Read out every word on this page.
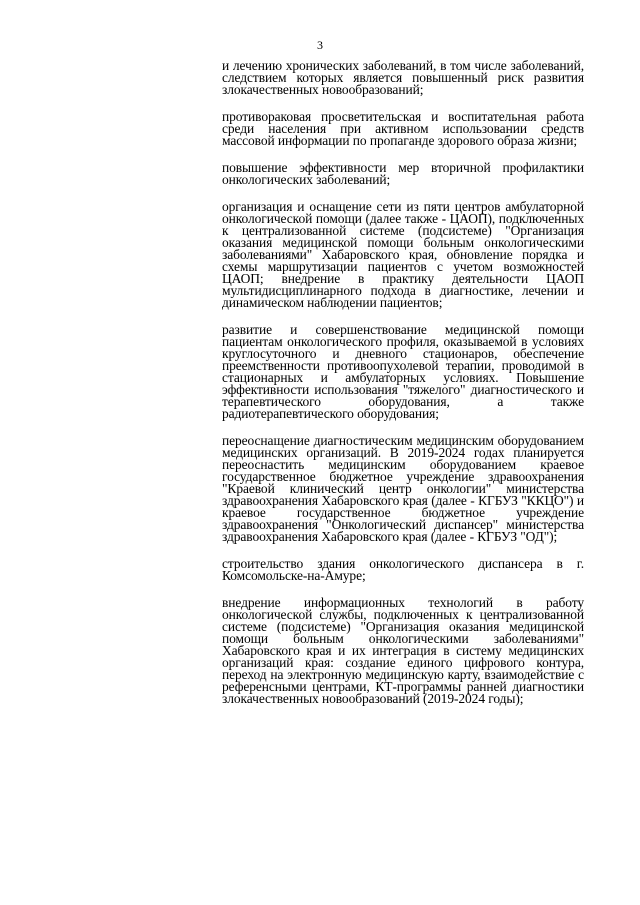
3

и лечению хронических заболеваний, в том числе заболеваний, следствием которых является повышенный риск развития злокачественных новообразований;

противораковая просветительская и воспитательная работа среди населения при активном использовании средств массовой информации по пропаганде здорового образа жизни;

повышение эффективности мер вторичной профилактики онкологических заболеваний;

организация и оснащение сети из пяти центров амбулаторной онкологической помощи (далее также - ЦАОП), подключенных к централизованной системе (подсистеме) "Организация оказания медицинской помощи больным онкологическими заболеваниями" Хабаровского края, обновление порядка и схемы маршрутизации пациентов с учетом возможностей ЦАОП; внедрение в практику деятельности ЦАОП мультидисциплинарного подхода в диагностике, лечении и динамическом наблюдении пациентов;

развитие и совершенствование медицинской помощи пациентам онкологического профиля, оказываемой в условиях круглосуточного и дневного стационаров, обеспечение преемственности противоопухолевой терапии, проводимой в стационарных и амбулаторных условиях. Повышение эффективности использования "тяжелого" диагностического и терапевтического оборудования, а также радиотерапевтического оборудования;

переоснащение диагностическим медицинским оборудованием медицинских организаций. В 2019-2024 годах планируется переоснастить медицинским оборудованием краевое государственное бюджетное учреждение здравоохранения "Краевой клинический центр онкологии" министерства здравоохранения Хабаровского края (далее - КГБУЗ "ККЦО") и краевое государственное бюджетное учреждение здравоохранения "Онкологический диспансер" министерства здравоохранения Хабаровского края (далее - КГБУЗ "ОД");

строительство здания онкологического диспансера в г. Комсомольске-на-Амуре;

внедрение информационных технологий в работу онкологической службы, подключенных к централизованной системе (подсистеме) "Организация оказания медицинской помощи больным онкологическими заболеваниями" Хабаровского края и их интеграция в систему медицинских организаций края: создание единого цифрового контура, переход на электронную медицинскую карту, взаимодействие с референсными центрами, КТ-программы ранней диагностики злокачественных новообразований (2019-2024 годы);
